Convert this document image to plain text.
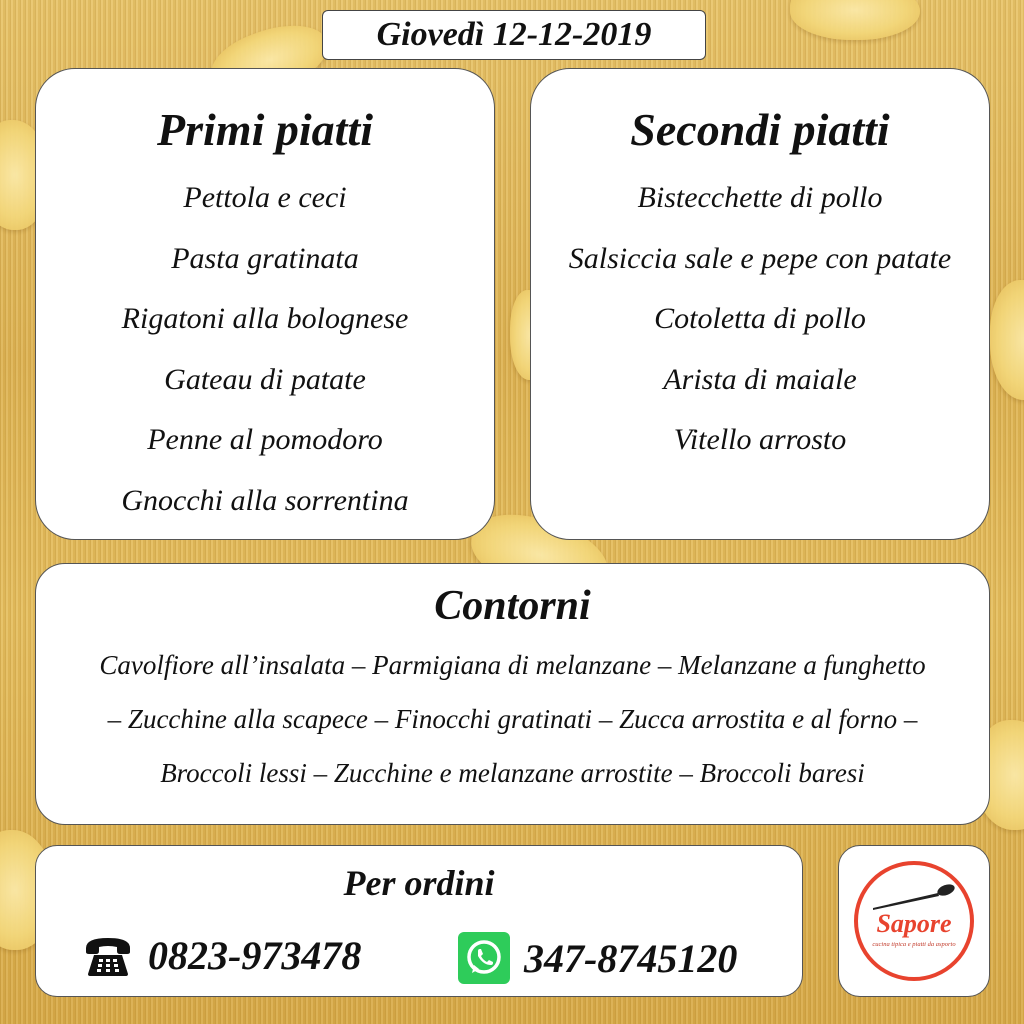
Giovedì 12-12-2019
Primi piatti
Pettola e ceci
Pasta gratinata
Rigatoni alla bolognese
Gateau di patate
Penne al pomodoro
Gnocchi alla sorrentina
Secondi piatti
Bistecchette di pollo
Salsiccia sale e pepe con patate
Cotoletta di pollo
Arista di maiale
Vitello arrosto
Contorni
Cavolfiore all’insalata – Parmigiana di melanzane – Melanzane a funghetto
– Zucchine alla scapece – Finocchi gratinati – Zucca arrostita e al forno –
Broccoli lessi – Zucchine e melanzane arrostite – Broccoli baresi
Per ordini
0823-973478	347-8745120
Sapore
cucina tipica e piatti da asporto
